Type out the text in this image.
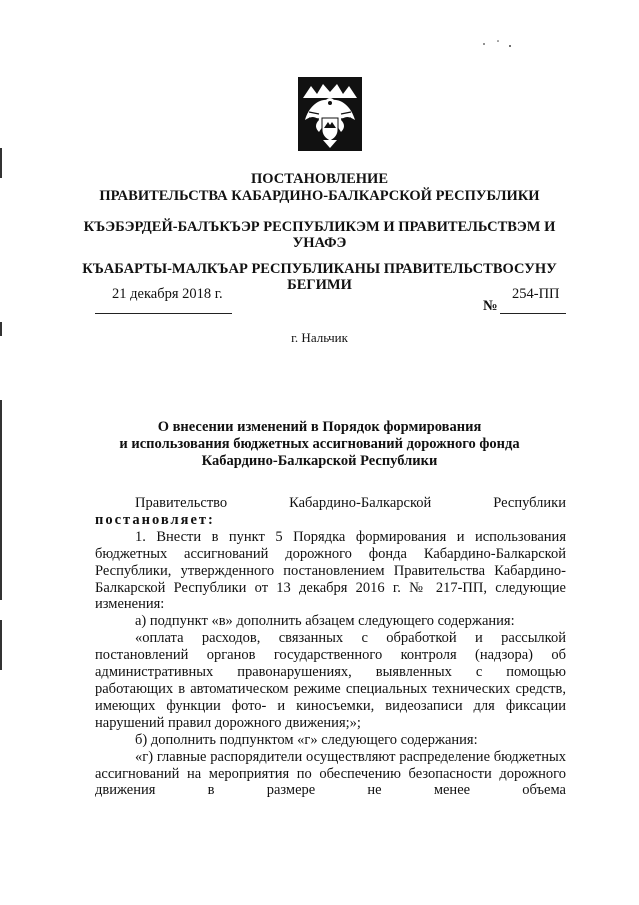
ПОСТАНОВЛЕНИЕ
ПРАВИТЕЛЬСТВА КАБАРДИНО-БАЛКАРСКОЙ РЕСПУБЛИКИ
КЪЭБЭРДЕЙ-БАЛЪКЪЭР РЕСПУБЛИКЭМ И ПРАВИТЕЛЬСТВЭМ И
УНАФЭ
КЪАБАРТЫ-МАЛКЪАР РЕСПУБЛИКАНЫ ПРАВИТЕЛЬСТВОСУНУ
БЕГИМИ
21 декабря 2018 г.	254-ПП
№
г. Нальчик
О внесении изменений в Порядок формирования
и использования бюджетных ассигнований дорожного фонда
Кабардино-Балкарской Республики

Правительство Кабардино-Балкарской Республики

постановляет:

1. Внести в пункт 5 Порядка формирования и использования бюджетных ассигнований дорожного фонда Кабардино-Балкарской Республики, утвержденного постановлением Правительства Кабардино-Балкарской Республики от 13 декабря 2016 г. № 217-ПП, следующие изменения:

а) подпункт «в» дополнить абзацем следующего содержания:

«оплата расходов, связанных с обработкой и рассылкой постановлений органов государственного контроля (надзора) об административных правонарушениях, выявленных с помощью работающих в автоматическом режиме специальных технических средств, имеющих функции фото- и киносъемки, видеозаписи для фиксации нарушений правил дорожного движения;»;

б) дополнить подпунктом «г» следующего содержания:

«г) главные распорядители осуществляют распределение бюджетных ассигнований на мероприятия по обеспечению безопасности дорожного движения в размере не менее объема
